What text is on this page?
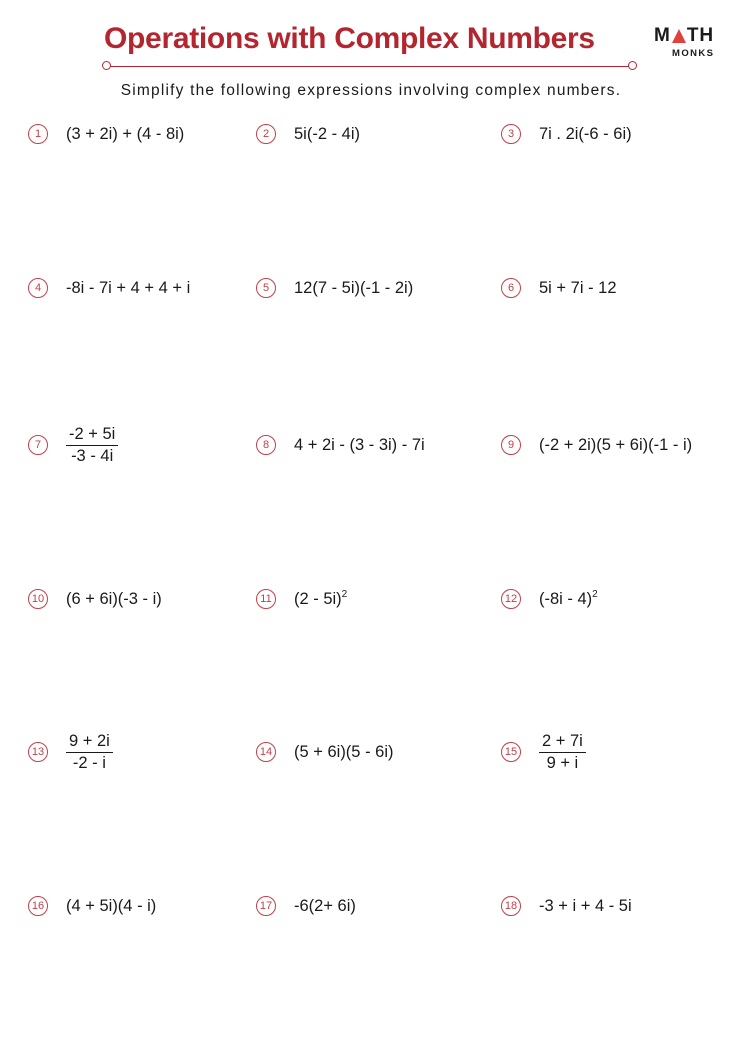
Operations with Complex Numbers	M TH
MONKS
Simplify the following expressions involving complex numbers.
1	(3 + 2i) + (4 - 8i)	2	5i(-2 - 4i)	3	7i . 2i(-6 - 6i)
4	-8i - 7i + 4 + 4 + i	5	12(7 - 5i)(-1 - 2i)	6	5i + 7i - 12
7	$\frac{-2 + 5i}{-3 - 4i}$	8	4 + 2i - (3 - 3i) - 7i	9	(-2 + 2i)(5 + 6i)(-1 - i)
10 (6 + 6i)(-3 - i)	11 (2 - 5i)$^2$	12 (-8i - 4)$^2$
$13 \frac{9 + 2i}{-2 - i}$	14 (5 + 6i)(5 - 6i)	$15 \frac{2 + 7i}{9 + i}$
16 (4 + 5i)(4 - i)	17 -6(2+ 6i)	18 -3 + i + 4 - 5i
